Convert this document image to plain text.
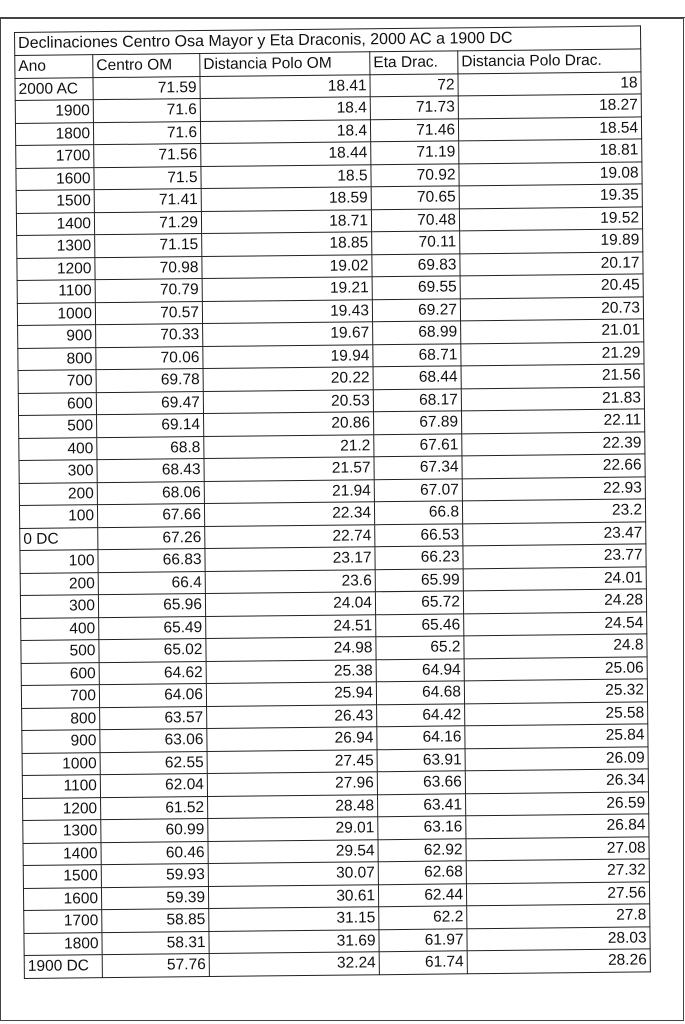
Declinaciones Centro Osa Mayor y Eta Draconis, 2000 AC a 1900 DC				
Ano	Centro OM	Distancia Polo OM	Eta Drac.	Distancia Polo Drac.
2000 AC	71.59	18.41	72	18
1900	71.6	18.4	71.73	18.27
1800	71.6	18.4	71.46	18.54
1700	71.56	18.44	71.19	18.81
1600	71.5	18.5	70.92	19.08
1500	71.41	18.59	70.65	19.35
1400	71.29	18.71	70.48	19.52
1300	71.15	18.85	70.11	19.89
1200	70.98	19.02	69.83	20.17
1100	70.79	19.21	69.55	20.45
1000	70.57	19.43	69.27	20.73
900	70.33	19.67	68.99	21.01
800	70.06	19.94	68.71	21.29
700	69.78	20.22	68.44	21.56
600	69.47	20.53	68.17	21.83
500	69.14	20.86	67.89	22.11
400	68.8	21.2	67.61	22.39
300	68.43	21.57	67.34	22.66
200	68.06	21.94	67.07	22.93
100	67.66	22.34	66.8	23.2
0 DC	67.26	22.74	66.53	23.47
100	66.83	23.17	66.23	23.77
200	66.4	23.6	65.99	24.01
300	65.96	24.04	65.72	24.28
400	65.49	24.51	65.46	24.54
500	65.02	24.98	65.2	24.8
600	64.62	25.38	64.94	25.06
700	64.06	25.94	64.68	25.32
800	63.57	26.43	64.42	25.58
900	63.06	26.94	64.16	25.84
1000	62.55	27.45	63.91	26.09
1100	62.04	27.96	63.66	26.34
1200	61.52	28.48	63.41	26.59
1300	60.99	29.01	63.16	26.84
1400	60.46	29.54	62.92	27.08
1500	59.93	30.07	62.68	27.32
1600	59.39	30.61	62.44	27.56
1700	58.85	31.15	62.2	27.8
1800	58.31	31.69	61.97	28.03
1900 DC	57.76	32.24	61.74	28.26
